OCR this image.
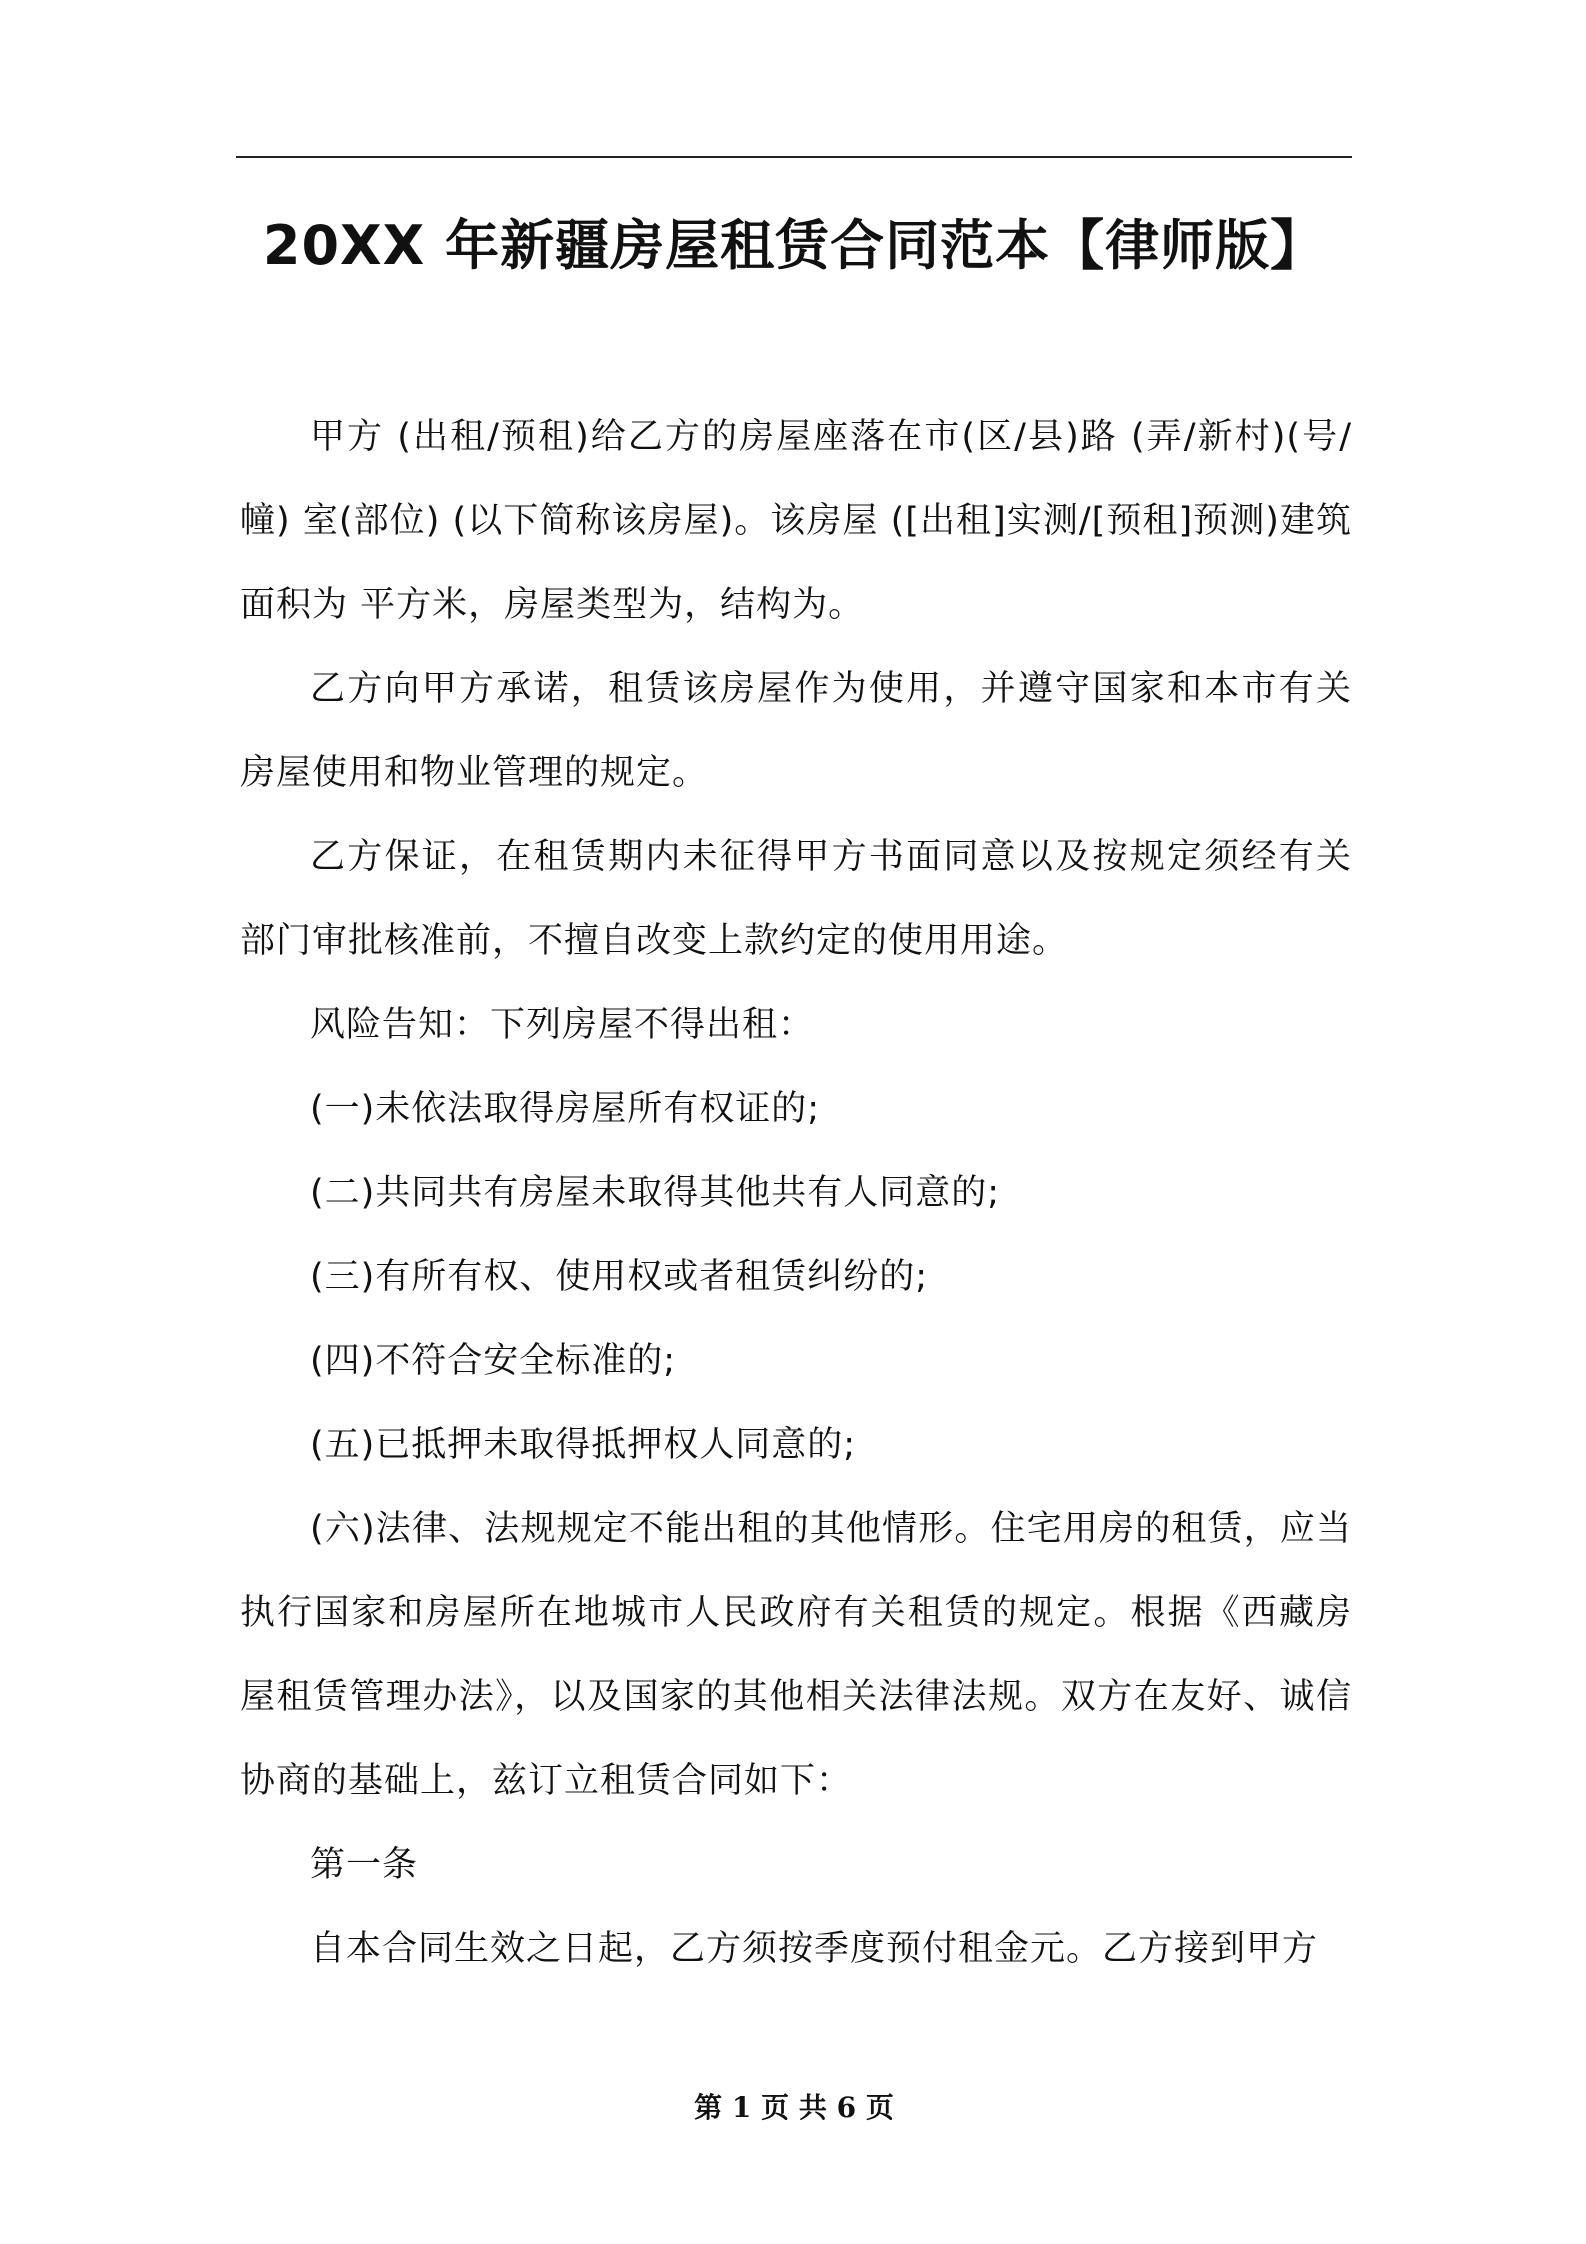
20XX 年新疆房屋租赁合同范本【律师版】

甲方 (出租/预租)给乙方的房屋座落在市(区/县)路 (弄/新村)(号/幢) 室(部位) (以下简称该房屋)。该房屋 ([出租]实测/[预租]预测)建筑面积为 平方米，房屋类型为，结构为。

乙方向甲方承诺，租赁该房屋作为使用，并遵守国家和本市有关房屋使用和物业管理的规定。

乙方保证，在租赁期内未征得甲方书面同意以及按规定须经有关部门审批核准前，不擅自改变上款约定的使用用途。

风险告知：下列房屋不得出租：

(一)未依法取得房屋所有权证的;

(二)共同共有房屋未取得其他共有人同意的;

(三)有所有权、使用权或者租赁纠纷的;

(四)不符合安全标准的;

(五)已抵押未取得抵押权人同意的;

(六)法律、法规规定不能出租的其他情形。住宅用房的租赁，应当执行国家和房屋所在地城市人民政府有关租赁的规定。根据《西藏房屋租赁管理办法》，以及国家的其他相关法律法规。双方在友好、诚信协商的基础上，兹订立租赁合同如下：

第一条

自本合同生效之日起，乙方须按季度预付租金元。乙方接到甲方

第 1 页 共 6 页
